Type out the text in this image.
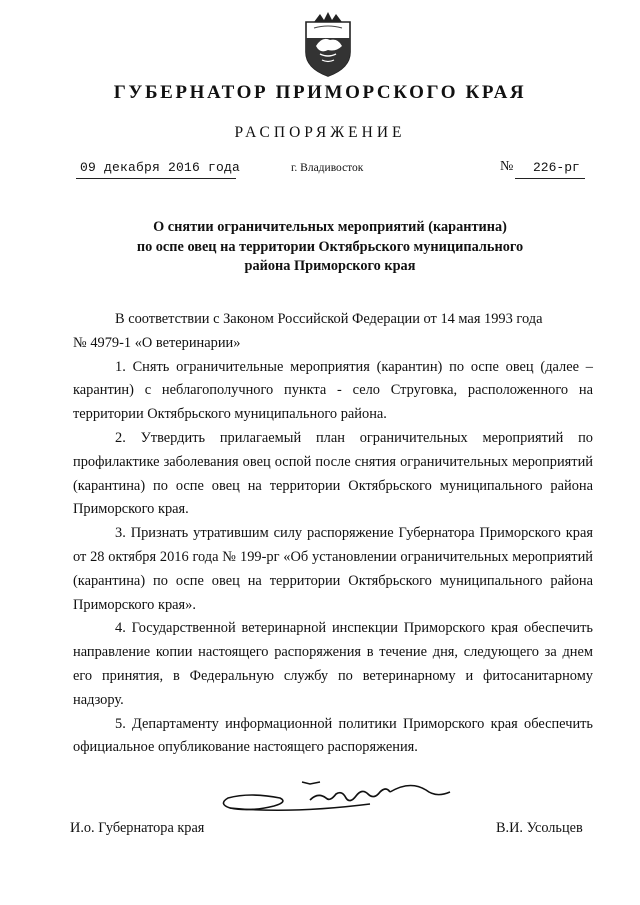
ГУБЕРНАТОР ПРИМОРСКОГО КРАЯ
РАСПОРЯЖЕНИЕ
09 декабря 2016 года	г. Владивосток	№ 226-рг
О снятии ограничительных мероприятий (карантина)
по оспе овец на территории Октябрьского муниципального
района Приморского края

В соответствии с Законом Российской Федерации от 14 мая 1993 года

№ 4979-1 «О ветеринарии»

1. Снять ограничительные мероприятия (карантин) по оспе овец (далее – карантин) с неблагополучного пункта - село Струговка, расположенного на территории Октябрьского муниципального района.

2. Утвердить прилагаемый план ограничительных мероприятий по профилактике заболевания овец оспой после снятия ограничительных мероприятий (карантина) по оспе овец на территории Октябрьского муниципального района Приморского края.

3. Признать утратившим силу распоряжение Губернатора Приморского края от 28 октября 2016 года № 199-рг «Об установлении ограничительных мероприятий (карантина) по оспе овец на территории Октябрьского муниципального района Приморского края».

4. Государственной ветеринарной инспекции Приморского края обеспечить направление копии настоящего распоряжения в течение дня, следующего за днем его принятия, в Федеральную службу по ветеринарному и фитосанитарному надзору.

5. Департаменту информационной политики Приморского края обеспечить официальное опубликование настоящего распоряжения.

И.о. Губернатора края	В.И. Усольцев
